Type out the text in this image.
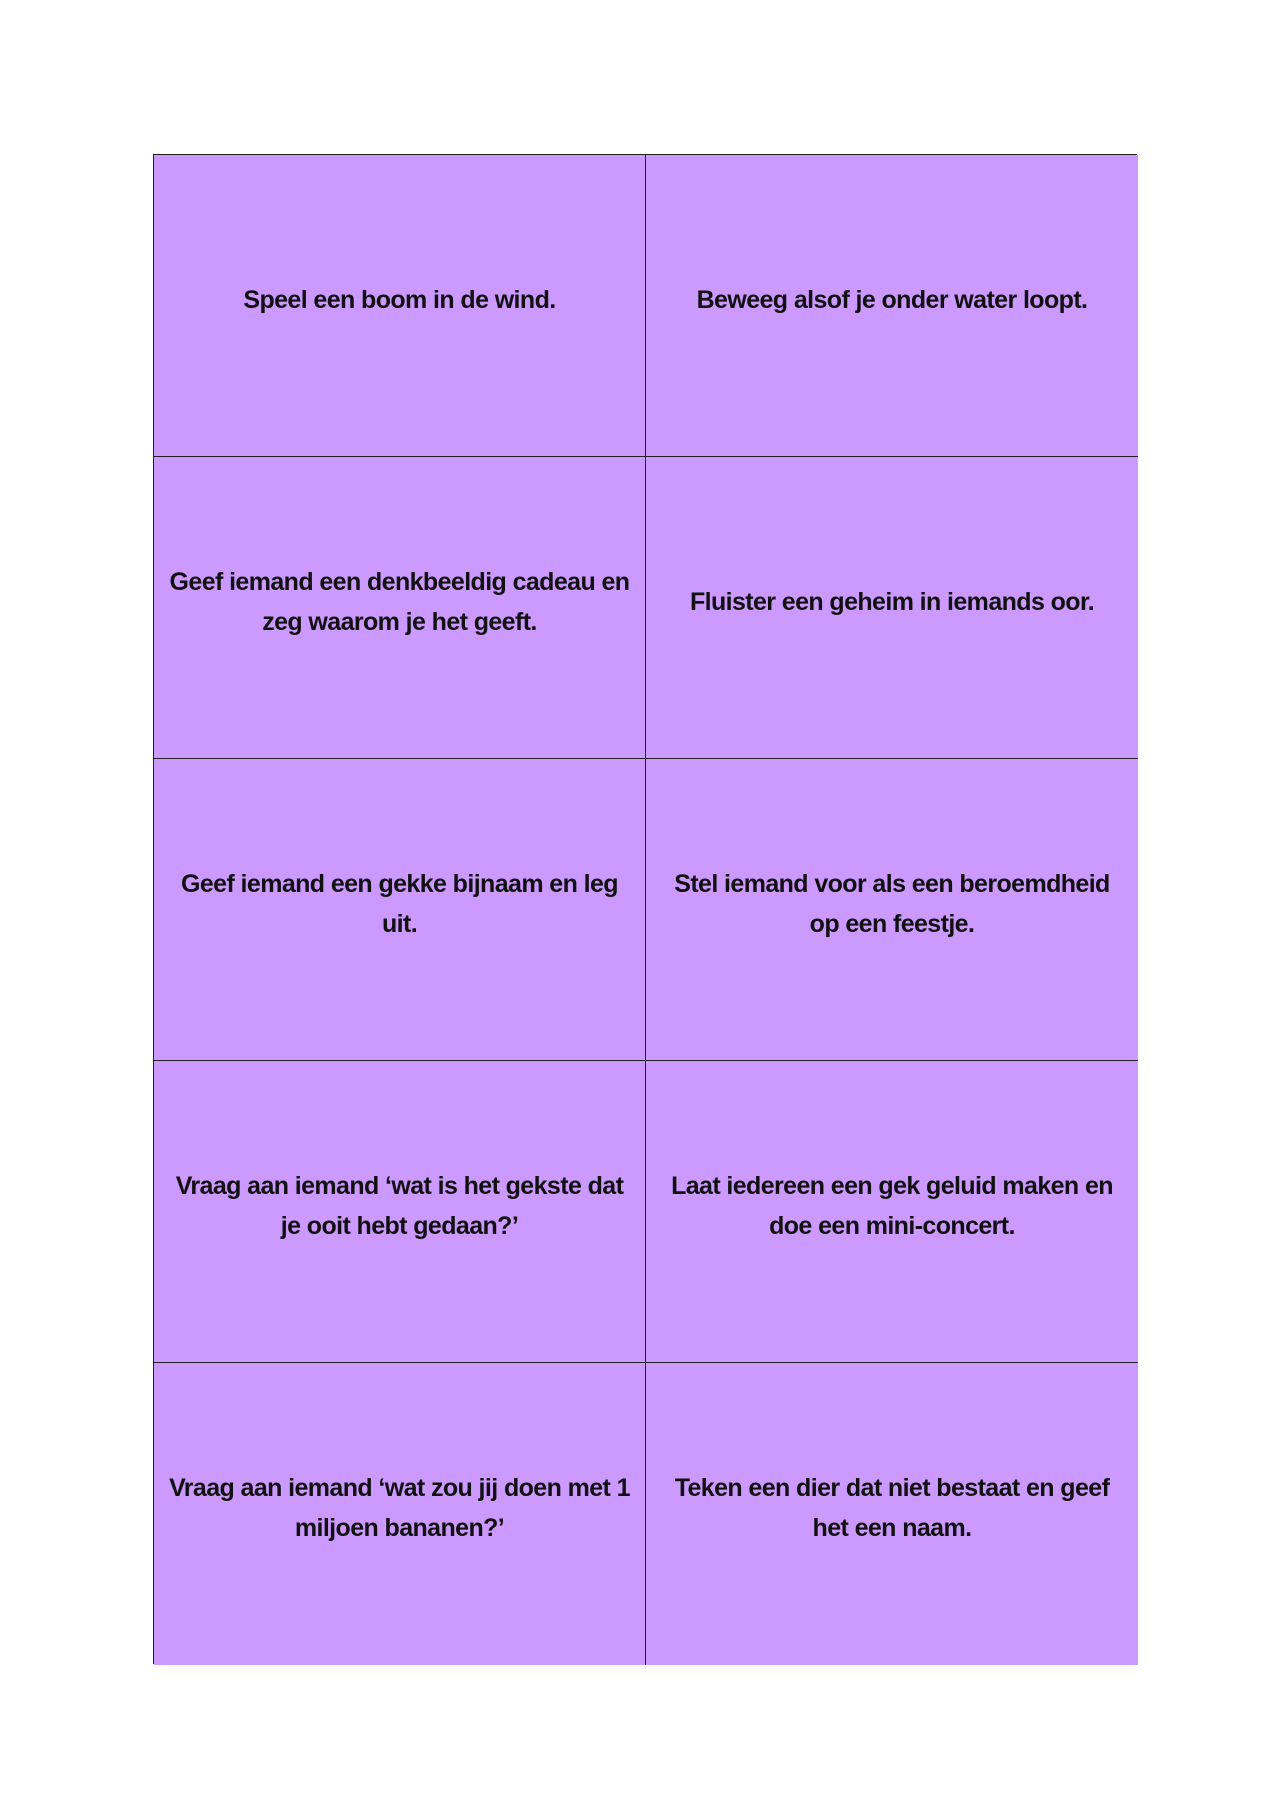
Speel een boom in de wind.	Beweeg alsof je onder water loopt.
Geef iemand een denkbeeldig cadeau en zeg waarom je het geeft.
Fluister een geheim in iemands oor.
Geef iemand een gekke bijnaam en leg uit.
Stel iemand voor als een beroemdheid op een feestje.
Vraag aan iemand ‘wat is het gekste dat je ooit hebt gedaan?’
Laat iedereen een gek geluid maken en doe een mini-concert.
Vraag aan iemand ‘wat zou jij doen met 1 miljoen bananen?’
Teken een dier dat niet bestaat en geef het een naam.
